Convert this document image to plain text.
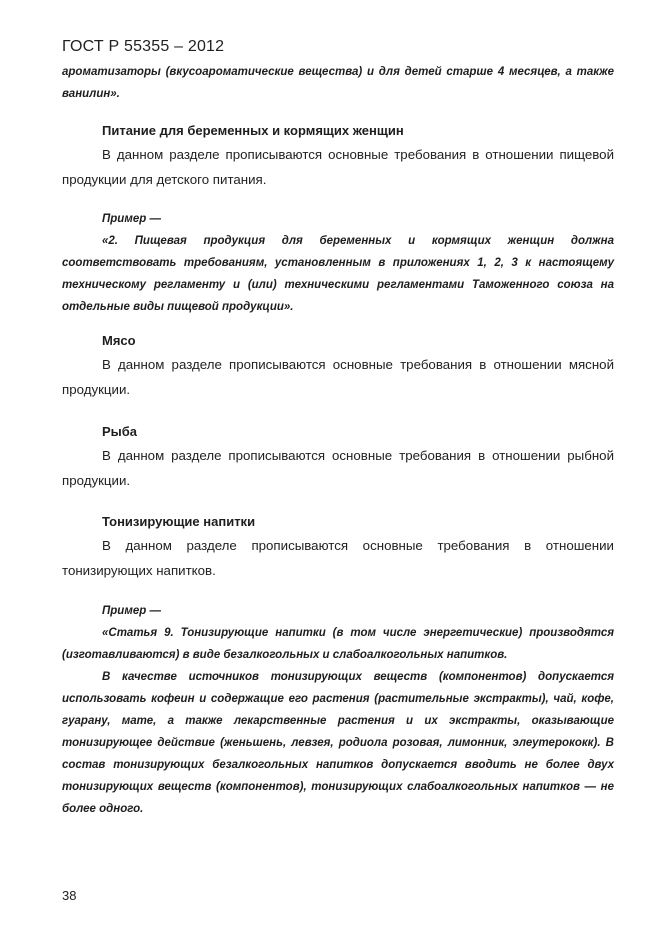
ГОСТ Р 55355 – 2012

ароматизаторы (вкусоароматические вещества) и для детей старше 4 месяцев, а также ванилин».

Питание для беременных и кормящих женщин

В данном разделе прописываются основные требования в отношении пищевой продукции для детского питания.

Пример —

«2. Пищевая продукция для беременных и кормящих женщин должна соответствовать требованиям, установленным в приложениях 1, 2, 3 к настоящему техническому регламенту и (или) техническими регламентами Таможенного союза на отдельные виды пищевой продукции».

Мясо

В данном разделе прописываются основные требования в отношении мясной продукции.

Рыба

В данном разделе прописываются основные требования в отношении рыбной продукции.

Тонизирующие напитки

В данном разделе прописываются основные требования в отношении тонизирующих напитков.

Пример —

«Статья 9. Тонизирующие напитки (в том числе энергетические) производятся (изготавливаются) в виде безалкогольных и слабоалкогольных напитков.

В качестве источников тонизирующих веществ (компонентов) допускается использовать кофеин и содержащие его растения (растительные экстракты), чай, кофе, гуарану, мате, а также лекарственные растения и их экстракты, оказывающие тонизирующее действие (женьшень, левзея, родиола розовая, лимонник, элеутерококк). В состав тонизирующих безалкогольных напитков допускается вводить не более двух тонизирующих веществ (компонентов), тонизирующих слабоалкогольных напитков — не более одного.

38
